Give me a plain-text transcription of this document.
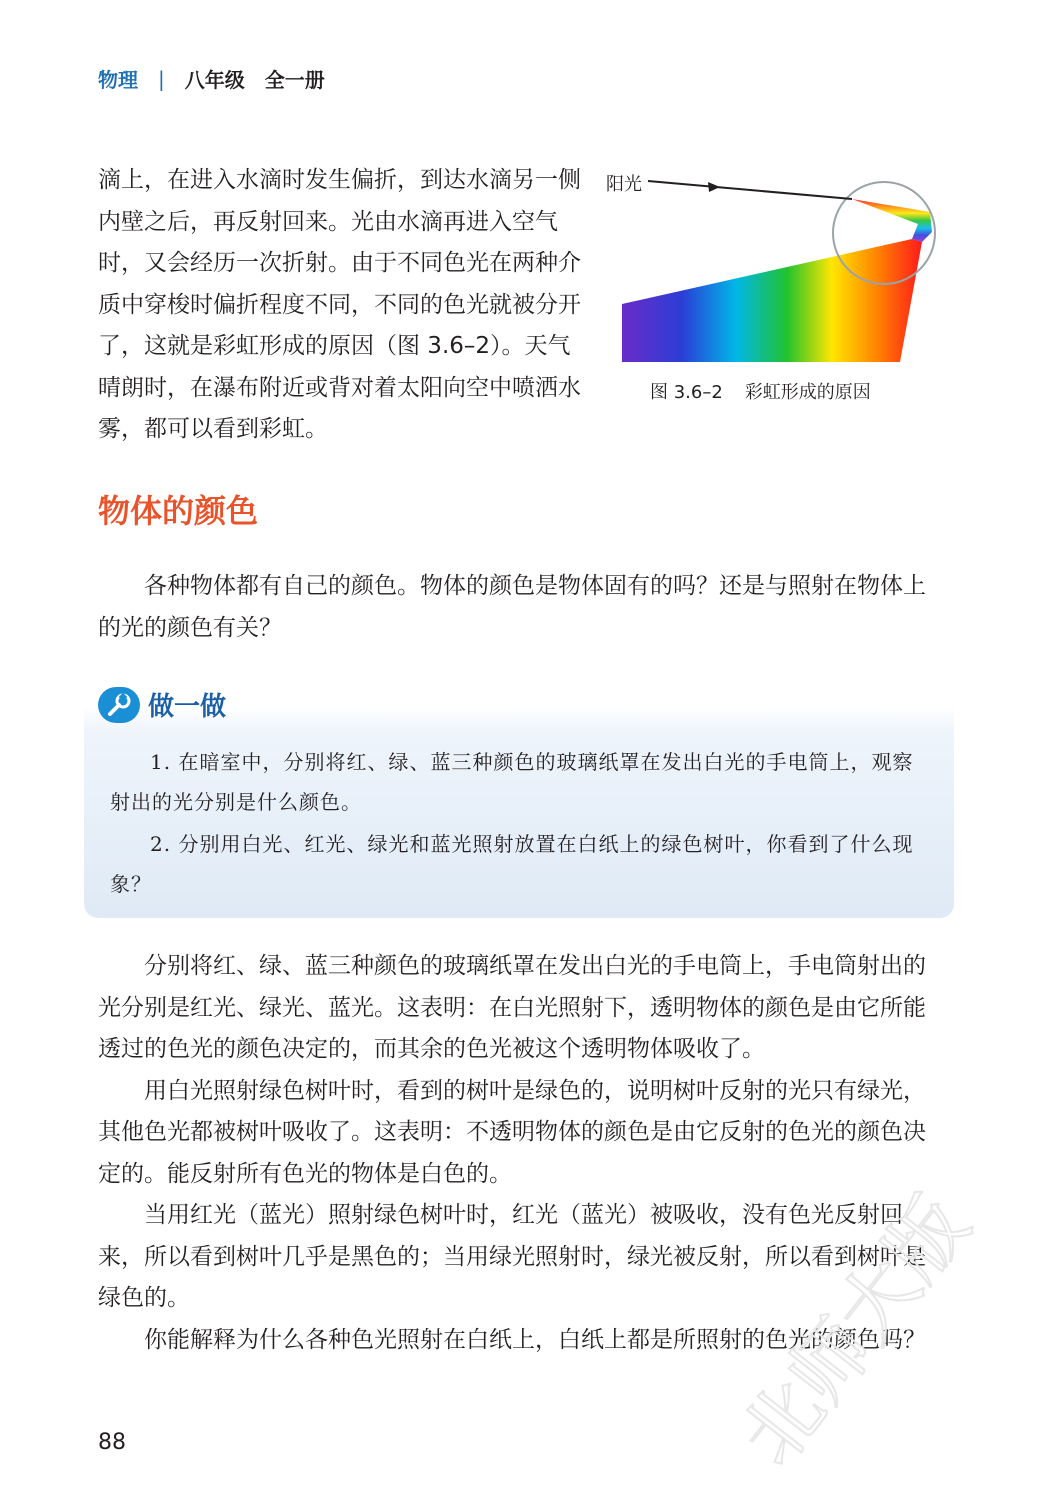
物理 | 八年级 全一册
滴上，在进入水滴时发生偏折，到达水滴另一侧内壁之后，再反射回来。光由水滴再进入空气时，又会经历一次折射。由于不同色光在两种介质中穿梭时偏折程度不同，不同的色光就被分开了，这就是彩虹形成的原因（图 3.6–2）。天气晴朗时，在瀑布附近或背对着太阳向空中喷洒水雾，都可以看到彩虹。
阳光
图 3.6–2 彩虹形成的原因
物体的颜色
各种物体都有自己的颜色。物体的颜色是物体固有的吗？还是与照射在物体上的光的颜色有关？
做一做
1. 在暗室中，分别将红、绿、蓝三种颜色的玻璃纸罩在发出白光的手电筒上，观察射出的光分别是什么颜色。
2. 分别用白光、红光、绿光和蓝光照射放置在白纸上的绿色树叶，你看到了什么现象？

分别将红、绿、蓝三种颜色的玻璃纸罩在发出白光的手电筒上，手电筒射出的光分别是红光、绿光、蓝光。这表明：在白光照射下，透明物体的颜色是由它所能透过的色光的颜色决定的，而其余的色光被这个透明物体吸收了。

用白光照射绿色树叶时，看到的树叶是绿色的，说明树叶反射的光只有绿光，其他色光都被树叶吸收了。这表明：不透明物体的颜色是由它反射的色光的颜色决定的。能反射所有色光的物体是白色的。

当用红光（蓝光）照射绿色树叶时，红光（蓝光）被吸收，没有色光反射回来，所以看到树叶几乎是黑色的；当用绿光照射时，绿光被反射，所以看到树叶是绿色的。

你能解释为什么各种色光照射在白纸上，白纸上都是所照射的色光的颜色吗？

88	北师大版
